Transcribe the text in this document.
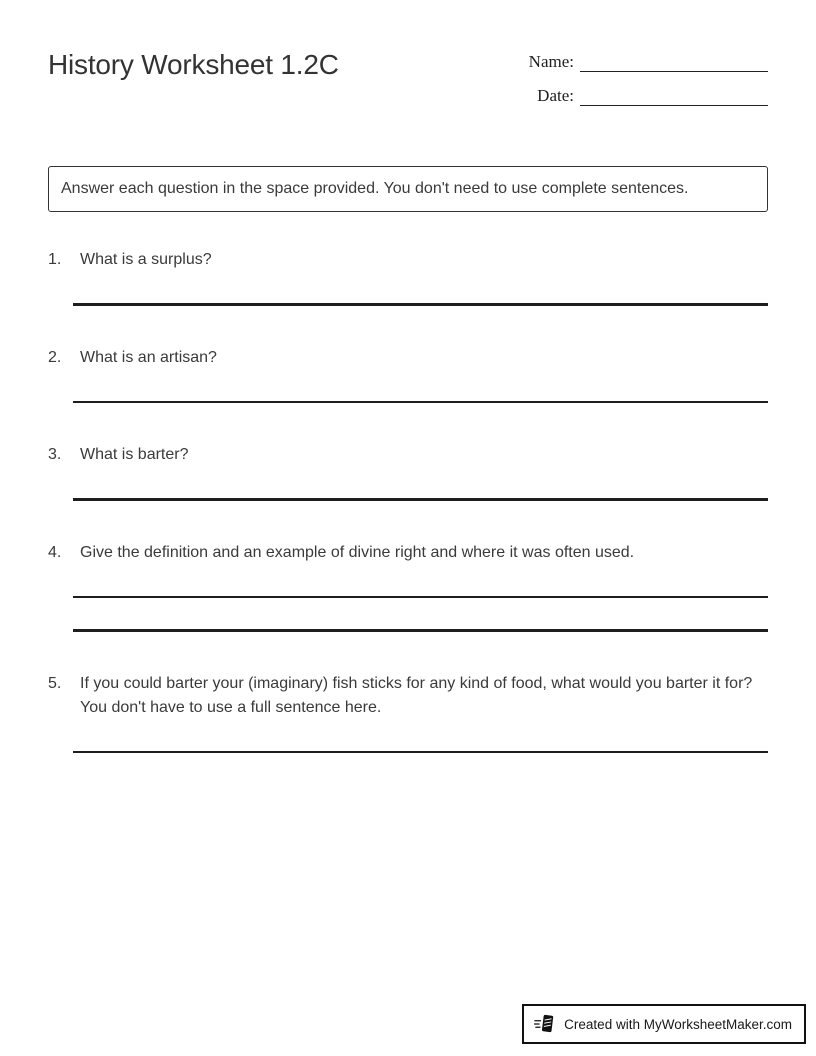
History Worksheet 1.2C	Name:
Date:
Answer each question in the space provided. You don't need to use complete sentences.
1.	What is a surplus?
2.	What is an artisan?
3.	What is barter?
4.	Give the definition and an example of divine right and where it was often used.
5.	If you could barter your (imaginary) fish sticks for any kind of food, what would you barter it for? You don't have to use a full sentence here.
Created with MyWorksheetMaker.com
